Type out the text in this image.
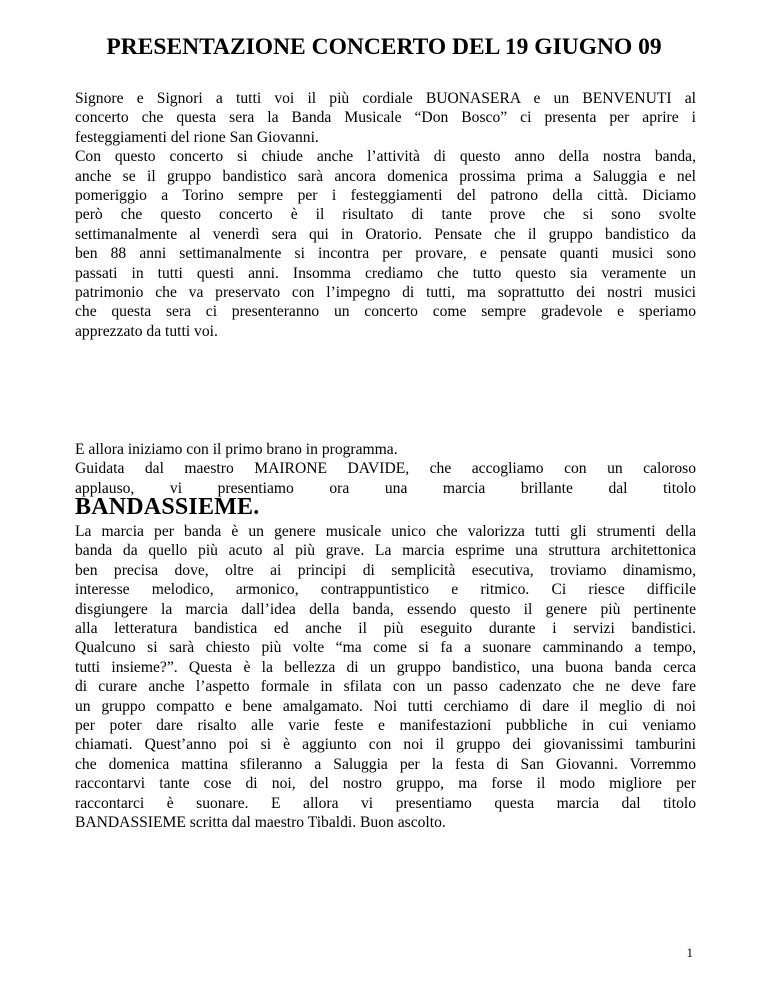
PRESENTAZIONE CONCERTO DEL 19 GIUGNO 09
Signore e Signori a tutti voi il più cordiale BUONASERA e un BENVENUTI al
concerto che questa sera la Banda Musicale “Don Bosco” ci presenta per aprire i
festeggiamenti del rione San Giovanni.
Con questo concerto si chiude anche l’attività di questo anno della nostra banda,
anche se il gruppo bandistico sarà ancora domenica prossima prima a Saluggia e nel
pomeriggio a Torino sempre per i festeggiamenti del patrono della città. Diciamo
però che questo concerto è il risultato di tante prove che si sono svolte
settimanalmente al venerdì sera qui in Oratorio. Pensate che il gruppo bandistico da
ben 88 anni settimanalmente si incontra per provare, e pensate quanti musici sono
passati in tutti questi anni. Insomma crediamo che tutto questo sia veramente un
patrimonio che va preservato con l’impegno di tutti, ma soprattutto dei nostri musici
che questa sera ci presenteranno un concerto come sempre gradevole e speriamo
apprezzato da tutti voi.
E allora iniziamo con il primo brano in programma.
Guidata dal maestro MAIRONE DAVIDE, che accogliamo con un caloroso
applauso, vi presentiamo ora una marcia brillante dal titolo
BANDASSIEME.
La marcia per banda è un genere musicale unico che valorizza tutti gli strumenti della
banda da quello più acuto al più grave. La marcia esprime una struttura architettonica
ben precisa dove, oltre ai principi di semplicità esecutiva, troviamo dinamismo,
interesse melodico, armonico, contrappuntistico e ritmico. Ci riesce difficile
disgiungere la marcia dall’idea della banda, essendo questo il genere più pertinente
alla letteratura bandistica ed anche il più eseguito durante i servizi bandistici.
Qualcuno si sarà chiesto più volte “ma come si fa a suonare camminando a tempo,
tutti insieme?”. Questa è la bellezza di un gruppo bandistico, una buona banda cerca
di curare anche l’aspetto formale in sfilata con un passo cadenzato che ne deve fare
un gruppo compatto e bene amalgamato. Noi tutti cerchiamo di dare il meglio di noi
per poter dare risalto alle varie feste e manifestazioni pubbliche in cui veniamo
chiamati. Quest’anno poi si è aggiunto con noi il gruppo dei giovanissimi tamburini
che domenica mattina sfileranno a Saluggia per la festa di San Giovanni. Vorremmo
raccontarvi tante cose di noi, del nostro gruppo, ma forse il modo migliore per
raccontarci è suonare. E allora vi presentiamo questa marcia dal titolo
BANDASSIEME scritta dal maestro Tibaldi. Buon ascolto.
1
